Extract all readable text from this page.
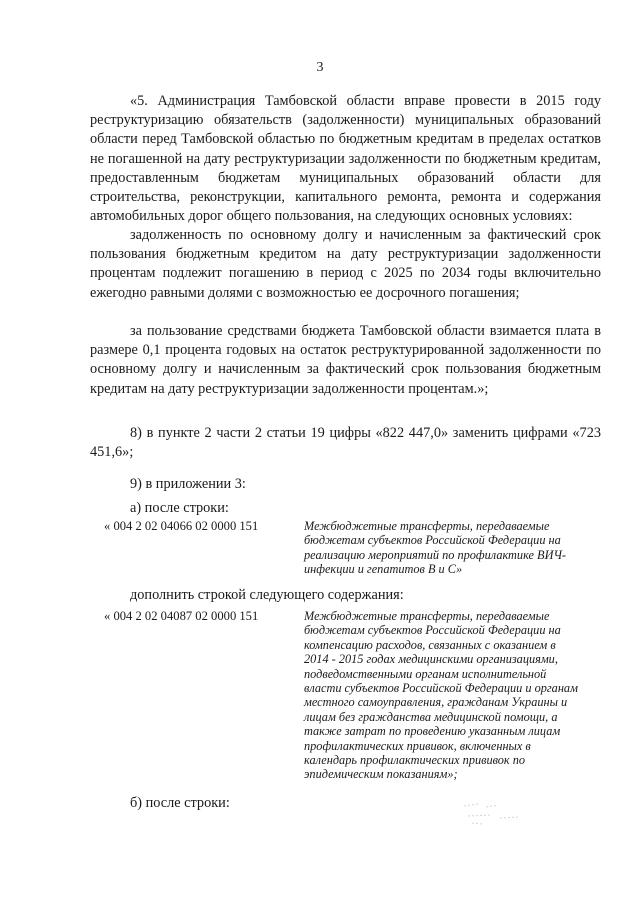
3

«5. Администрация Тамбовской области вправе провести в 2015 году реструктуризацию обязательств (задолженности) муниципальных образований области перед Тамбовской областью по бюджетным кредитам в пределах остатков не погашенной на дату реструктуризации задолженности по бюджетным кредитам, предоставленным бюджетам муниципальных образований области для строительства, реконструкции, капитального ремонта, ремонта и содержания автомобильных дорог общего пользования, на следующих основных условиях:

задолженность по основному долгу и начисленным за фактический срок пользования бюджетным кредитом на дату реструктуризации задолженности процентам подлежит погашению в период с 2025 по 2034 годы включительно ежегодно равными долями с возможностью ее досрочного погашения;

за пользование средствами бюджета Тамбовской области взимается плата в размере 0,1 процента годовых на остаток реструктурированной задолженности по основному долгу и начисленным за фактический срок пользования бюджетным кредитам на дату реструктуризации задолженности процентам.»;

8) в пункте 2 части 2 статьи 19 цифры «822 447,0» заменить цифрами «723 451,6»;

9) в приложении 3:

а) после строки:

« 004 2 02 04066 02 0000 151	Межбюджетные трансферты, передаваемые бюджетам субъектов Российской Федерации на реализацию мероприятий по профилактике ВИЧ-инфекции и гепатитов В и С»

дополнить строкой следующего содержания:

« 004 2 02 04087 02 0000 151	Межбюджетные трансферты, передаваемые бюджетам субъектов Российской Федерации на компенсацию расходов, связанных с оказанием в 2014 - 2015 годах медицинскими организациями, подведомственными органам исполнительной власти субъектов Российской Федерации и органам местного самоуправления, гражданам Украины и лицам без гражданства медицинской помощи, а также затрат по проведению указанным лицам профилактических прививок, включенных в календарь профилактических прививок по эпидемическим показаниям»;

б) после строки:
